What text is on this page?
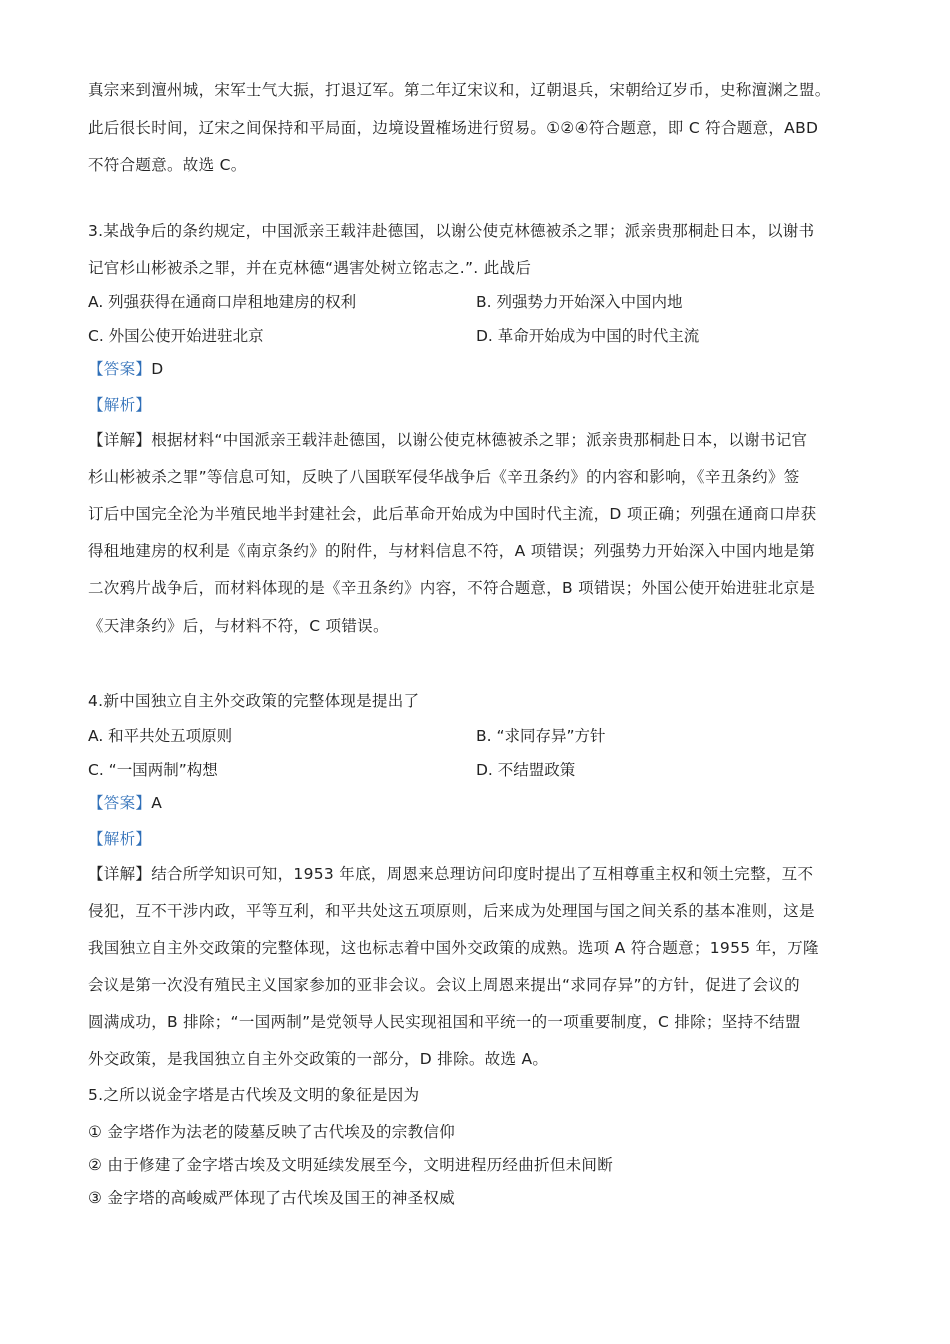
真宗来到澶州城，宋军士气大振，打退辽军。第二年辽宋议和，辽朝退兵，宋朝给辽岁币，史称澶渊之盟。
此后很长时间，辽宋之间保持和平局面，边境设置榷场进行贸易。①②④符合题意，即 C 符合题意，ABD
不符合题意。故选 C。
3.某战争后的条约规定，中国派亲王载沣赴德国，以谢公使克林德被杀之罪；派亲贵那桐赴日本，以谢书
记官杉山彬被杀之罪，并在克林德“遇害处树立铭志之.”. 此战后
A. 列强获得在通商口岸租地建房的权利	B. 列强势力开始深入中国内地
C. 外国公使开始进驻北京	D. 革命开始成为中国的时代主流
【答案】D
【解析】
【详解】根据材料“中国派亲王载沣赴德国，以谢公使克林德被杀之罪；派亲贵那桐赴日本，以谢书记官
杉山彬被杀之罪”等信息可知，反映了八国联军侵华战争后《辛丑条约》的内容和影响，《辛丑条约》签
订后中国完全沦为半殖民地半封建社会，此后革命开始成为中国时代主流，D 项正确；列强在通商口岸获
得租地建房的权利是《南京条约》的附件，与材料信息不符，A 项错误；列强势力开始深入中国内地是第
二次鸦片战争后，而材料体现的是《辛丑条约》内容，不符合题意，B 项错误；外国公使开始进驻北京是
《天津条约》后，与材料不符，C 项错误。
4.新中国独立自主外交政策的完整体现是提出了
A. 和平共处五项原则	B. “求同存异”方针
C. “一国两制”构想	D. 不结盟政策
【答案】A
【解析】
【详解】结合所学知识可知，1953 年底，周恩来总理访问印度时提出了互相尊重主权和领土完整，互不
侵犯，互不干涉内政，平等互利，和平共处这五项原则，后来成为处理国与国之间关系的基本准则，这是
我国独立自主外交政策的完整体现，这也标志着中国外交政策的成熟。选项 A 符合题意；1955 年，万隆
会议是第一次没有殖民主义国家参加的亚非会议。会议上周恩来提出“求同存异”的方针，促进了会议的
圆满成功，B 排除；“一国两制”是党领导人民实现祖国和平统一的一项重要制度，C 排除；坚持不结盟
外交政策，是我国独立自主外交政策的一部分，D 排除。故选 A。
5.之所以说金字塔是古代埃及文明的象征是因为
① 金字塔作为法老的陵墓反映了古代埃及的宗教信仰
② 由于修建了金字塔古埃及文明延续发展至今，文明进程历经曲折但未间断
③ 金字塔的高峻威严体现了古代埃及国王的神圣权威
